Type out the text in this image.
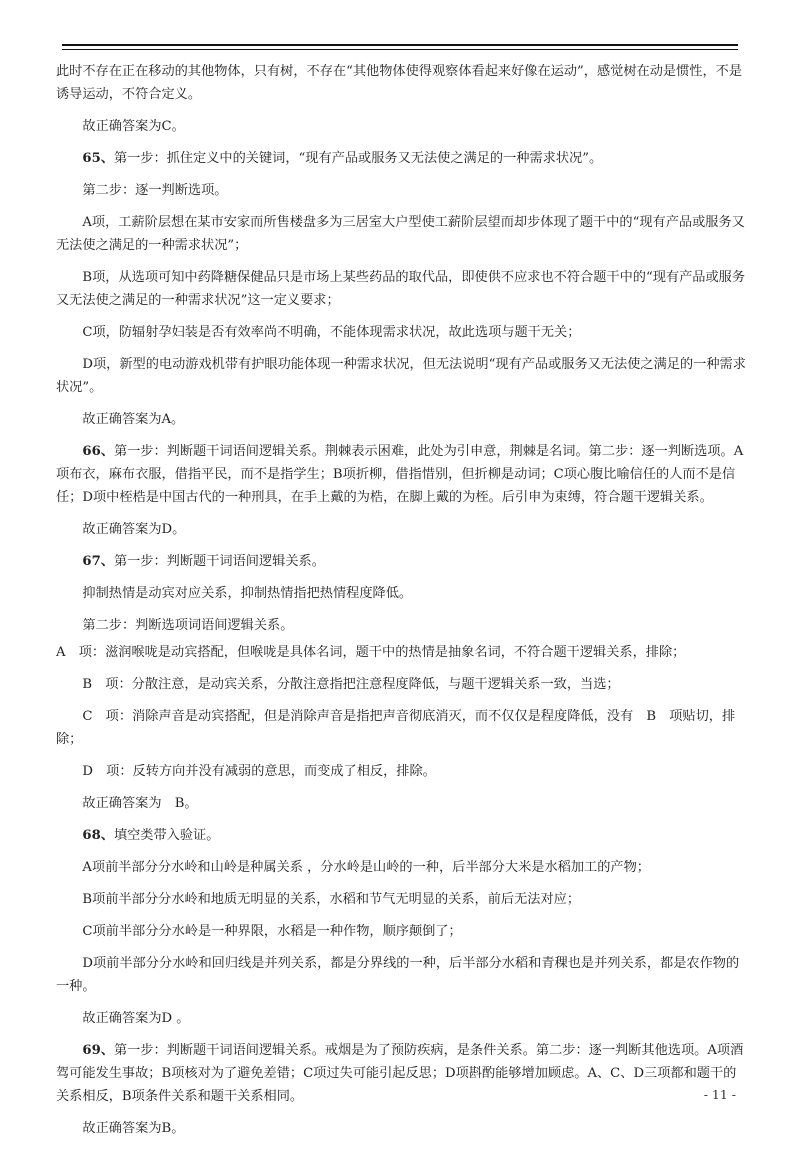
此时不存在正在移动的其他物体，只有树，不存在“其他物体使得观察体看起来好像在运动”，感觉树在动是惯性，不是诱导运动，不符合定义。

故正确答案为C。

65、第一步：抓住定义中的关键词，“现有产品或服务又无法使之满足的一种需求状况”。

第二步：逐一判断选项。

A项，工薪阶层想在某市安家而所售楼盘多为三居室大户型使工薪阶层望而却步体现了题干中的“现有产品或服务又无法使之满足的一种需求状况”；

B项，从选项可知中药降糖保健品只是市场上某些药品的取代品，即使供不应求也不符合题干中的“现有产品或服务又无法使之满足的一种需求状况”这一定义要求；

C项，防辐射孕妇装是否有效率尚不明确，不能体现需求状况，故此选项与题干无关；

D项，新型的电动游戏机带有护眼功能体现一种需求状况，但无法说明“现有产品或服务又无法使之满足的一种需求状况”。

故正确答案为A。

66、第一步：判断题干词语间逻辑关系。荆棘表示困难，此处为引申意，荆棘是名词。第二步：逐一判断选项。A项布衣，麻布衣服，借指平民，而不是指学生；B项折柳，借指惜别，但折柳是动词；C项心腹比喻信任的人而不是信任；D项中桎梏是中国古代的一种刑具，在手上戴的为梏，在脚上戴的为桎。后引申为束缚，符合题干逻辑关系。

故正确答案为D。

67、第一步：判断题干词语间逻辑关系。

抑制热情是动宾对应关系，抑制热情指把热情程度降低。

第二步：判断选项词语间逻辑关系。

A　项：滋润喉咙是动宾搭配，但喉咙是具体名词，题干中的热情是抽象名词，不符合题干逻辑关系，排除；

B　项：分散注意，是动宾关系，分散注意指把注意程度降低，与题干逻辑关系一致，当选；

C　项：消除声音是动宾搭配，但是消除声音是指把声音彻底消灭，而不仅仅是程度降低，没有　B　项贴切，排除；

D　项：反转方向并没有减弱的意思，而变成了相反，排除。

故正确答案为　B。

68、填空类带入验证。

A项前半部分分水岭和山岭是种属关系 ，分水岭是山岭的一种，后半部分大米是水稻加工的产物；

B项前半部分分水岭和地质无明显的关系，水稻和节气无明显的关系，前后无法对应；

C项前半部分分水岭是一种界限，水稻是一种作物，顺序颠倒了；

D项前半部分分水岭和回归线是并列关系，都是分界线的一种，后半部分水稻和青稞也是并列关系，都是农作物的一种。

故正确答案为D 。

69、第一步：判断题干词语间逻辑关系。戒烟是为了预防疾病，是条件关系。第二步：逐一判断其他选项。A项酒驾可能发生事故；B项核对为了避免差错；C项过失可能引起反思；D项斟酌能够增加顾虑。A、C、D三项都和题干的关系相反，B项条件关系和题干关系相同。

故正确答案为B。

- 11 -
